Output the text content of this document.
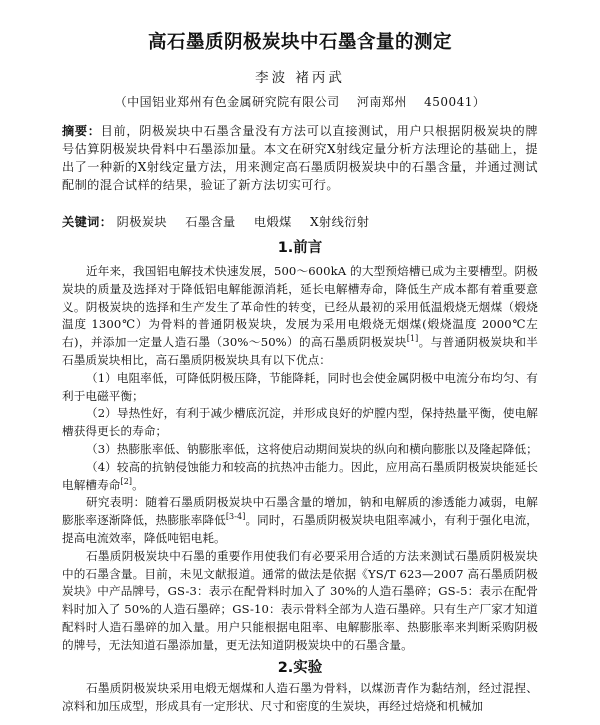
高石墨质阴极炭块中石墨含量的测定
李波 褚丙武
（中国铝业郑州有色金属研究院有限公司    河南郑州    450041）
摘要：目前，阴极炭块中石墨含量没有方法可以直接测试，用户只根据阴极炭块的牌号估算阴极炭块骨料中石墨添加量。本文在研究X射线定量分析方法理论的基础上，提出了一种新的X射线定量方法，用来测定高石墨质阴极炭块中的石墨含量，并通过测试配制的混合试样的结果，验证了新方法切实可行。
关键词： 阴极炭块 石墨含量 电煅煤 X射线衍射
1.前言

近年来，我国铝电解技术快速发展，500～600kA 的大型预焙槽已成为主要槽型。阴极炭块的质量及选择对于降低铝电解能源消耗，延长电解槽寿命，降低生产成本都有着重要意义。阴极炭块的选择和生产发生了革命性的转变，已经从最初的采用低温煅烧无烟煤（煅烧温度 1300℃）为骨料的普通阴极炭块，发展为采用电煅烧无烟煤(煅烧温度 2000℃左右)，并添加一定量人造石墨（30%～50%）的高石墨质阴极炭块[1]。与普通阴极炭块和半石墨质炭块相比，高石墨质阴极炭块具有以下优点：

（1）电阻率低，可降低阴极压降，节能降耗，同时也会使金属阴极中电流分布均匀、有利于电磁平衡；

（2）导热性好，有利于减少槽底沉淀，并形成良好的炉膛内型，保持热量平衡，使电解槽获得更长的寿命；

（3）热膨胀率低、钠膨胀率低，这将使启动期间炭块的纵向和横向膨胀以及隆起降低；

（4）较高的抗钠侵蚀能力和较高的抗热冲击能力。因此，应用高石墨质阴极炭块能延长电解槽寿命[2]。

研究表明：随着石墨质阴极炭块中石墨含量的增加，钠和电解质的渗透能力减弱，电解膨胀率逐渐降低，热膨胀率降低[3-4]。同时，石墨质阴极炭块电阻率减小，有利于强化电流，提高电流效率，降低吨铝电耗。

石墨质阴极炭块中石墨的重要作用使我们有必要采用合适的方法来测试石墨质阴极炭块中的石墨含量。目前，未见文献报道。通常的做法是依据《YS/T 623—2007 高石墨质阴极炭块》中产品牌号，GS-3：表示在配骨料时加入了 30%的人造石墨碎；GS-5：表示在配骨料时加入了 50%的人造石墨碎；GS-10：表示骨料全部为人造石墨碎。只有生产厂家才知道配料时人造石墨碎的加入量。用户只能根据电阻率、电解膨胀率、热膨胀率来判断采购阴极的牌号，无法知道石墨添加量，更无法知道阴极炭块中的石墨含量。

2.实验

石墨质阴极炭块采用电煅无烟煤和人造石墨为骨料，以煤沥青作为黏结剂，经过混捏、凉料和加压成型，形成具有一定形状、尺寸和密度的生炭块，再经过焙烧和机械加
